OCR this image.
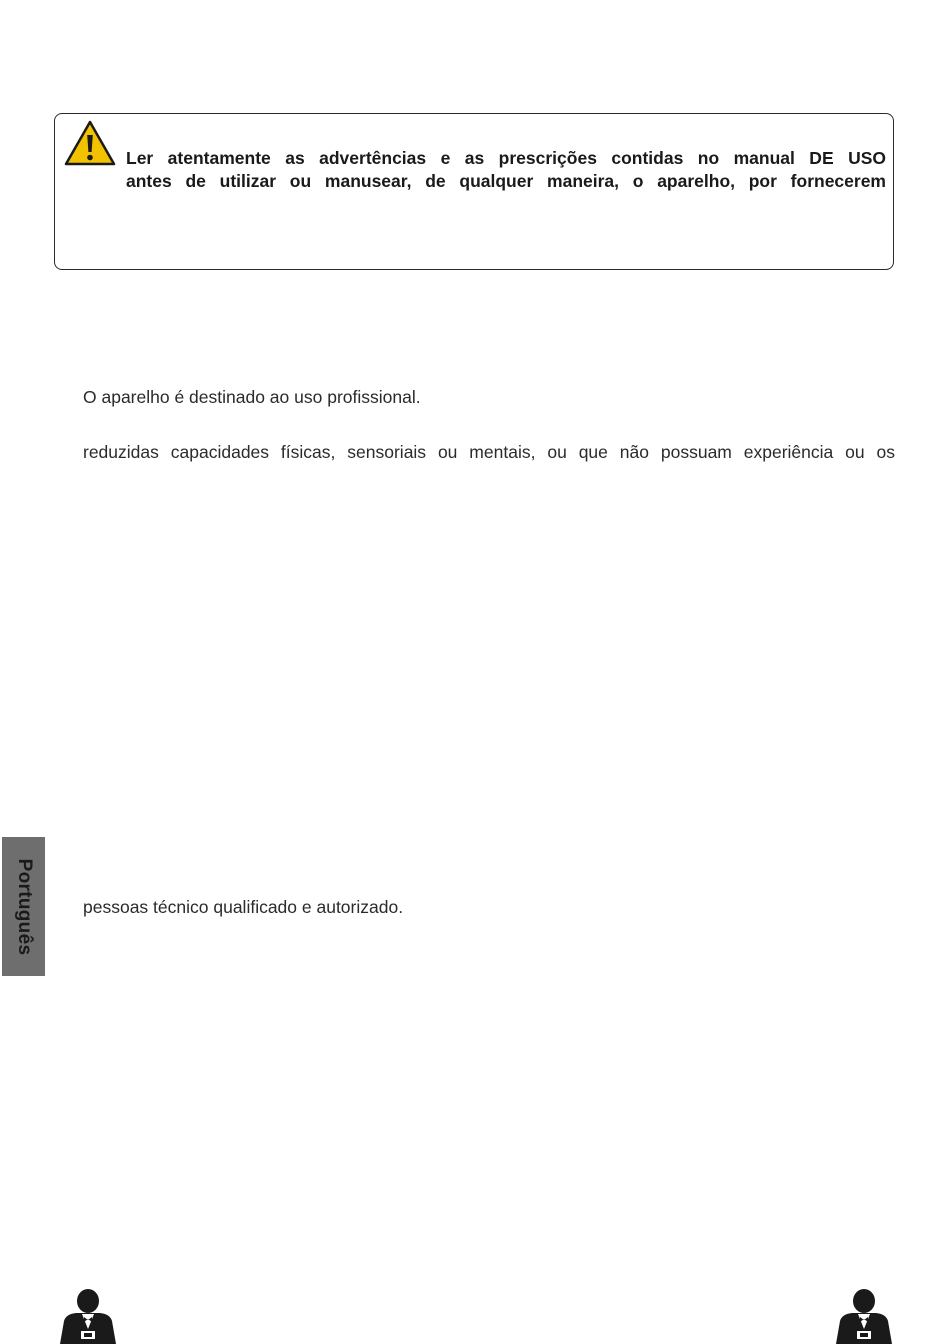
Ler atentamente as advertências e as prescrições contidas no manual DE USO
antes de utilizar ou manusear, de qualquer maneira, o aparelho, por fornecerem
O aparelho é destinado ao uso profissional.
reduzidas capacidades físicas, sensoriais ou mentais, ou que não possuam experiência ou os
pessoas técnico qualificado e autorizado.
Português
